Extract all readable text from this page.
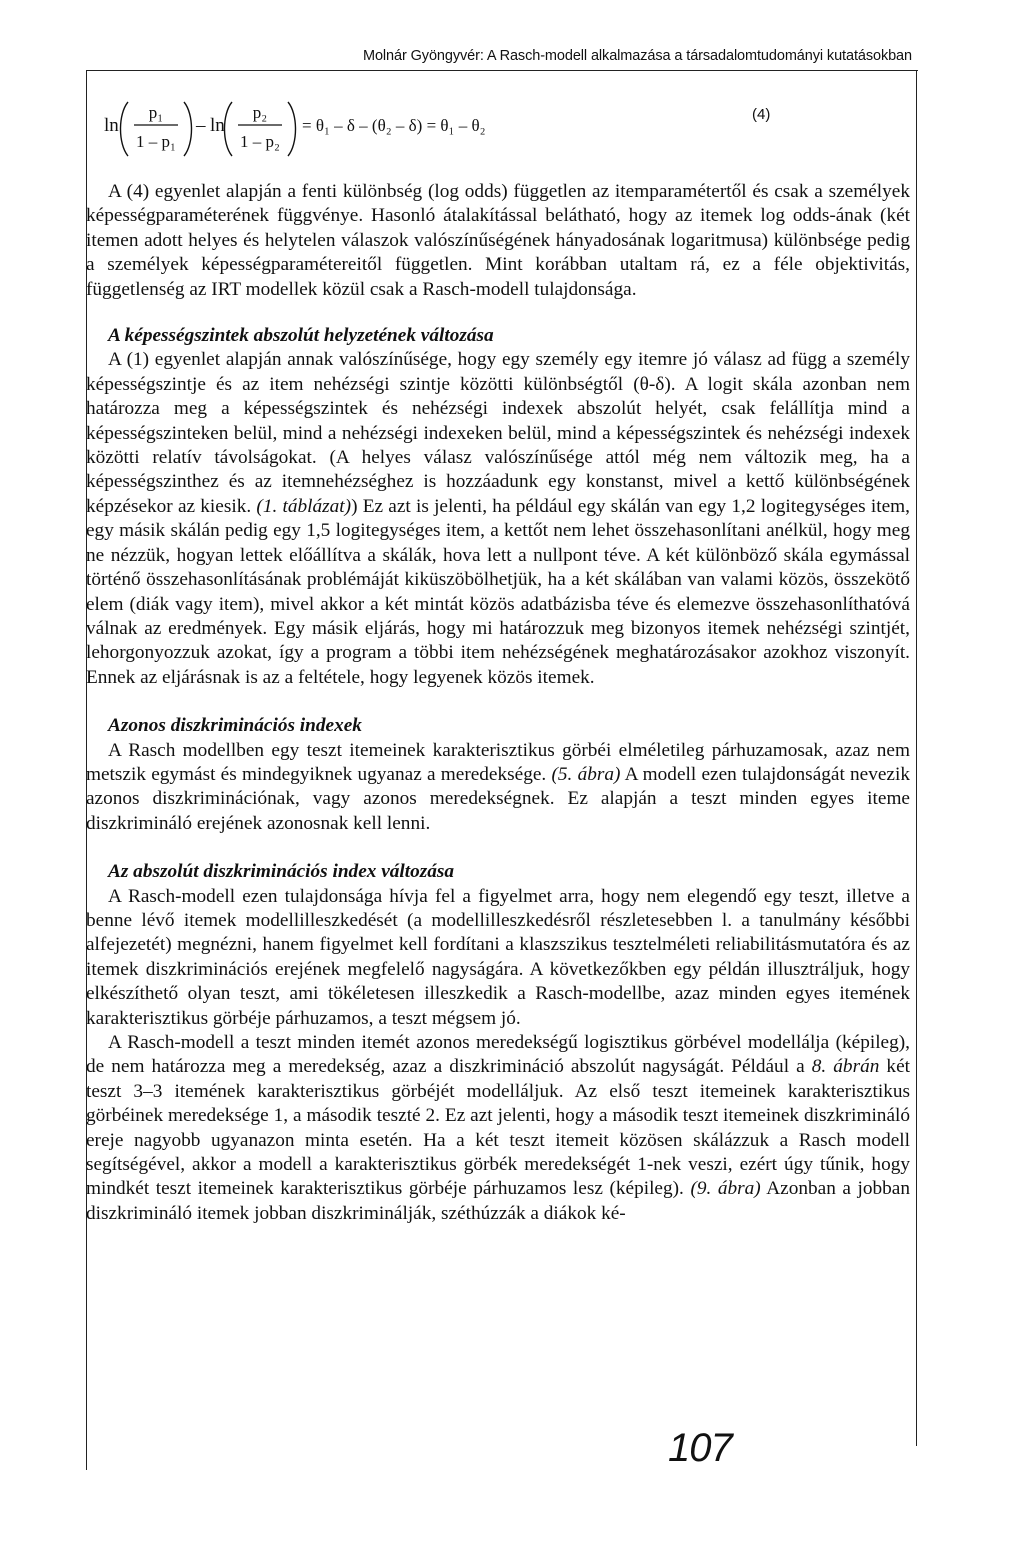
Molnár Gyöngyvér: A Rasch-modell alkalmazása a társadalomtudományi kutatásokban
ln
p₁
1 – p₁
– ln
p₂
1 – p₂
= θ₁ – δ – (θ₂ – δ) = θ₁ – θ₂
(4)

A (4) egyenlet alapján a fenti különbség (log odds) független az itemparamétertől és csak a személyek képességparaméterének függvénye. Hasonló átalakítással belátható, hogy az itemek log odds-ának (két itemen adott helyes és helytelen válaszok valószínűségének hányadosának logaritmusa) különbsége pedig a személyek képességparamétereitől független. Mint korábban utaltam rá, ez a féle objektivitás, függetlenség az IRT modellek közül csak a Rasch-modell tulajdonsága.

A képességszintek abszolút helyzetének változása

A (1) egyenlet alapján annak valószínűsége, hogy egy személy egy itemre jó válasz ad függ a személy képességszintje és az item nehézségi szintje közötti különbségtől (θ-δ). A logit skála azonban nem határozza meg a képességszintek és nehézségi indexek abszolút helyét, csak felállítja mind a képességszinteken belül, mind a nehézségi indexeken belül, mind a képességszintek és nehézségi indexek közötti relatív távolságokat. (A helyes válasz valószínűsége attól még nem változik meg, ha a képességszinthez és az itemnehézséghez is hozzáadunk egy konstanst, mivel a kettő különbségének képzésekor az kiesik. (1. táblázat)) Ez azt is jelenti, ha például egy skálán van egy 1,2 logitegységes item, egy másik skálán pedig egy 1,5 logitegységes item, a kettőt nem lehet összehasonlítani anélkül, hogy meg ne nézzük, hogyan lettek előállítva a skálák, hova lett a nullpont téve. A két különböző skála egymással történő összehasonlításának problémáját kiküszöbölhetjük, ha a két skálában van valami közös, összekötő elem (diák vagy item), mivel akkor a két mintát közös adatbázisba téve és elemezve összehasonlíthatóvá válnak az eredmények. Egy másik eljárás, hogy mi határozzuk meg bizonyos itemek nehézségi szintjét, lehorgonyozzuk azokat, így a program a többi item nehézségének meghatározásakor azokhoz viszonyít. Ennek az eljárásnak is az a feltétele, hogy legyenek közös itemek.

Azonos diszkriminációs indexek

A Rasch modellben egy teszt itemeinek karakterisztikus görbéi elméletileg párhuzamosak, azaz nem metszik egymást és mindegyiknek ugyanaz a meredeksége. (5. ábra) A modell ezen tulajdonságát nevezik azonos diszkriminációnak, vagy azonos meredekségnek. Ez alapján a teszt minden egyes iteme diszkrimináló erejének azonosnak kell lenni.

Az abszolút diszkriminációs index változása

A Rasch-modell ezen tulajdonsága hívja fel a figyelmet arra, hogy nem elegendő egy teszt, illetve a benne lévő itemek modellilleszkedését (a modellilleszkedésről részletesebben l. a tanulmány későbbi alfejezetét) megnézni, hanem figyelmet kell fordítani a klaszszikus tesztelméleti reliabilitásmutatóra és az itemek diszkriminációs erejének megfelelő nagyságára. A következőkben egy példán illusztráljuk, hogy elkészíthető olyan teszt, ami tökéletesen illeszkedik a Rasch-modellbe, azaz minden egyes itemének karakterisztikus görbéje párhuzamos, a teszt mégsem jó.

A Rasch-modell a teszt minden itemét azonos meredekségű logisztikus görbével modellálja (képileg), de nem határozza meg a meredekség, azaz a diszkrimináció abszolút nagyságát. Például a 8. ábrán két teszt 3–3 itemének karakterisztikus görbéjét modelláljuk. Az első teszt itemeinek karakterisztikus görbéinek meredeksége 1, a második teszté 2. Ez azt jelenti, hogy a második teszt itemeinek diszkrimináló ereje nagyobb ugyanazon minta esetén. Ha a két teszt itemeit közösen skálázzuk a Rasch modell segítségével, akkor a modell a karakterisztikus görbék meredekségét 1-nek veszi, ezért úgy tűnik, hogy mindkét teszt itemeinek karakterisztikus görbéje párhuzamos lesz (képileg). (9. ábra) Azonban a jobban diszkrimináló itemek jobban diszkriminálják, széthúzzák a diákok ké-

107
